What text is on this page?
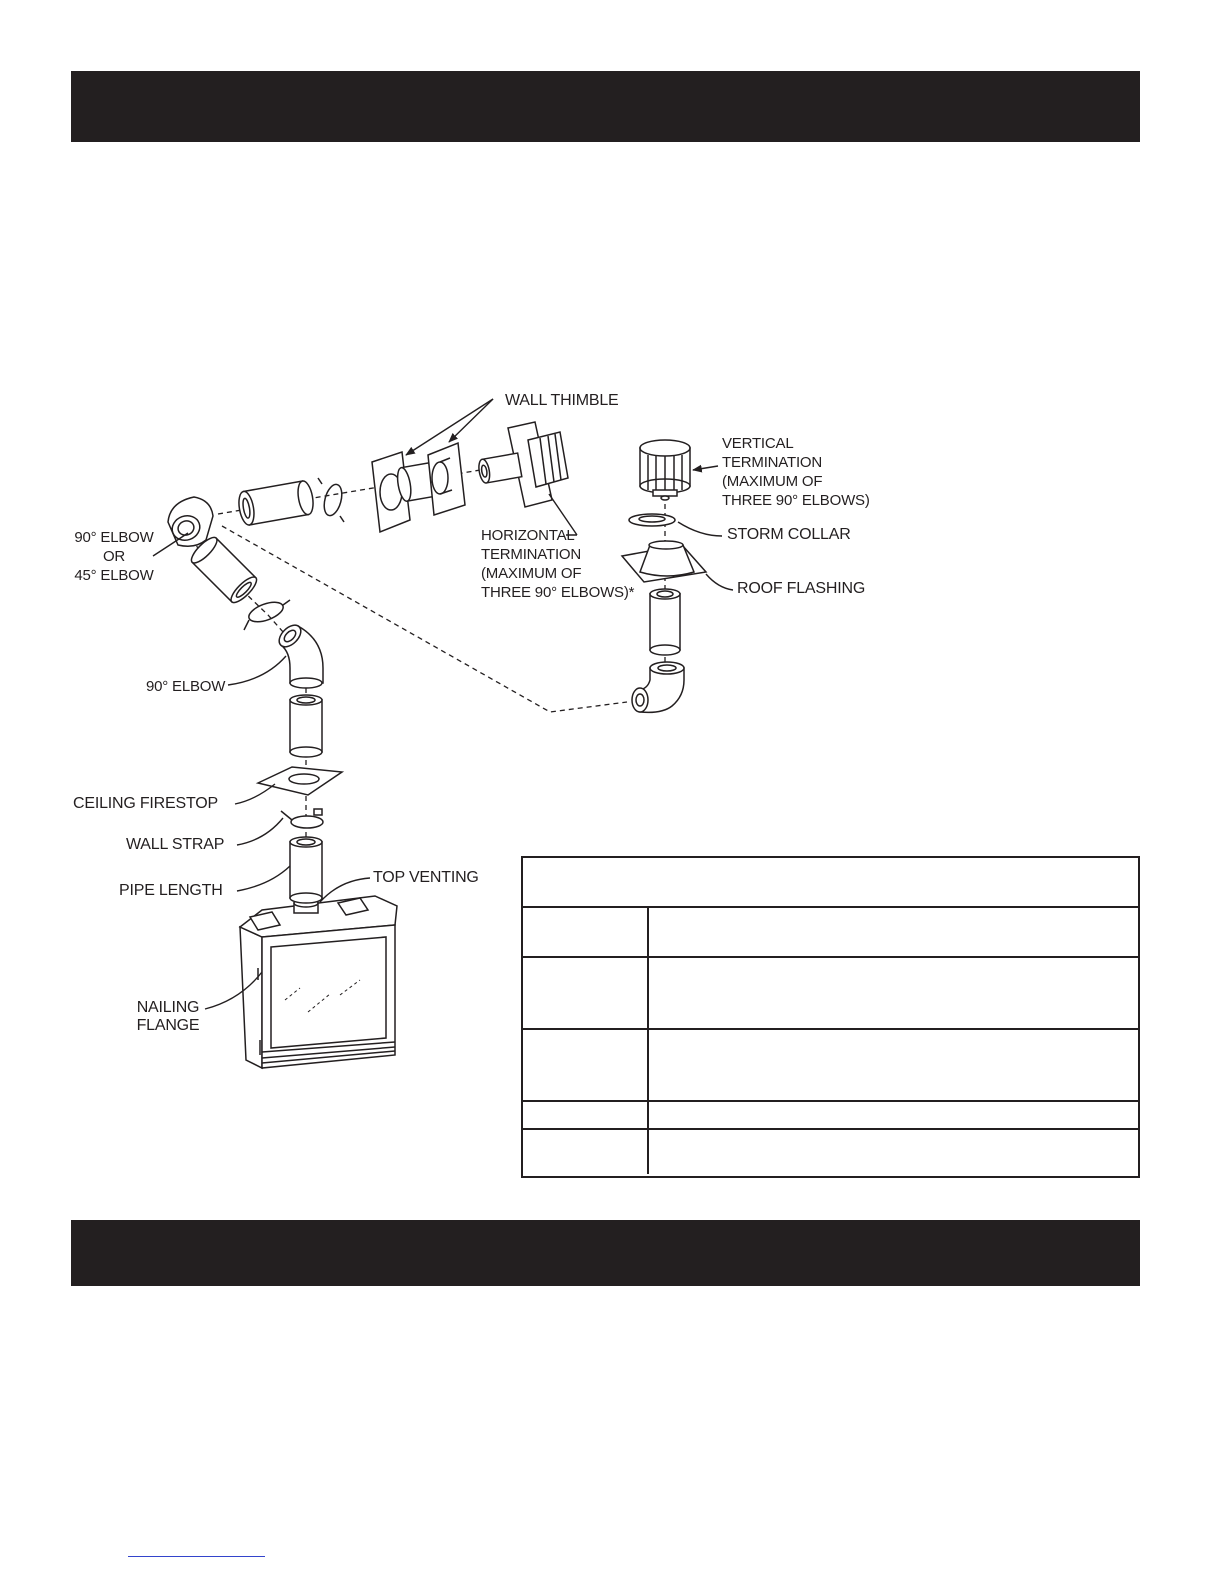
WALL THIMBLE
VERTICAL
TERMINATION
(MAXIMUM OF
THREE 90° ELBOWS)
STORM COLLAR
ROOF FLASHING
HORIZONTAL
TERMINATION
(MAXIMUM OF
THREE 90° ELBOWS)*
90° ELBOW
OR
45° ELBOW
90° ELBOW
CEILING FIRESTOP
WALL STRAP
PIPE LENGTH
TOP VENTING
NAILING
FLANGE
